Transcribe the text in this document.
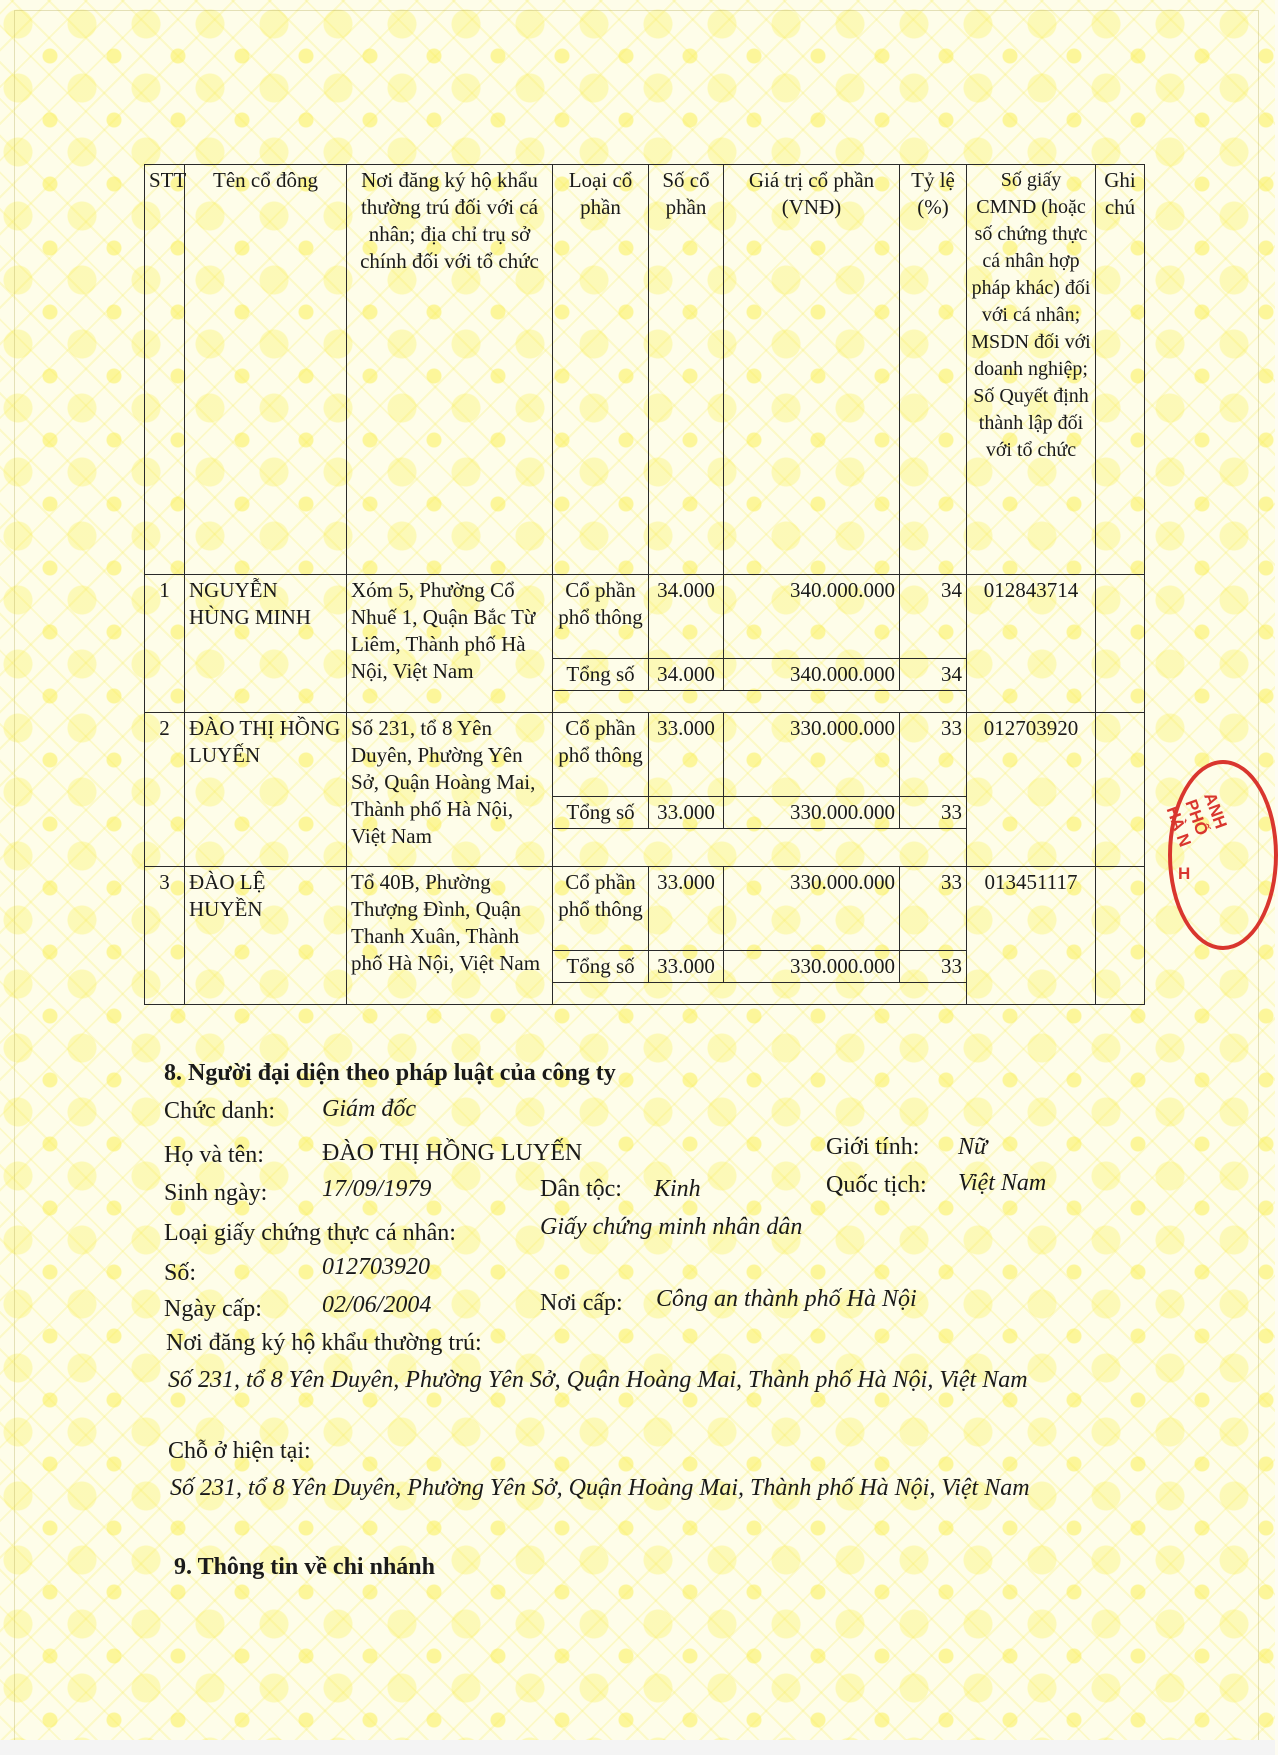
STT	Tên cổ đông	Nơi đăng ký hộ khẩu thường trú đối với cá nhân; địa chỉ trụ sở chính đối với tổ chức	Loại cổ phần	Số cổ phần	Giá trị cổ phần (VNĐ)	Tỷ lệ (%)	Số giấy CMND (hoặc số chứng thực cá nhân hợp pháp khác) đối với cá nhân; MSDN đối với doanh nghiệp; Số Quyết định thành lập đối với tổ chức	Ghi chú
1	NGUYỄN HÙNG MINH	Xóm 5, Phường Cổ Nhuế 1, Quận Bắc Từ Liêm, Thành phố Hà Nội, Việt Nam	Cổ phần phổ thông	34.000	340.000.000	34	012843714	
			Tổng số	34.000	340.000.000	34		

2	ĐÀO THỊ HỒNG LUYẾN	Số 231, tổ 8 Yên Duyên, Phường Yên Sở, Quận Hoàng Mai, Thành phố Hà Nội, Việt Nam	Cổ phần phổ thông	33.000	330.000.000	33	012703920	
			Tổng số	33.000	330.000.000	33		

3	ĐÀO LỆ HUYỀN	Tổ 40B, Phường Thượng Đình, Quận Thanh Xuân, Thành phố Hà Nội, Việt Nam	Cổ phần phổ thông	33.000	330.000.000	33	013451117	
			Tổng số	33.000	330.000.000	33		

8. Người đại diện theo pháp luật của công ty
Chức danh: Giám đốc
Họ và tên: ĐÀO THỊ HỒNG LUYẾN	Giới tính: Nữ
Sinh ngày: 17/09/1979	Dân tộc: Kinh	Quốc tịch: Việt Nam
Loại giấy chứng thực cá nhân:	Giấy chứng minh nhân dân
Số:	012703920
Ngày cấp:	02/06/2004	Nơi cấp: Công an thành phố Hà Nội
Nơi đăng ký hộ khẩu thường trú:
Số 231, tổ 8 Yên Duyên, Phường Yên Sở, Quận Hoàng Mai, Thành phố Hà Nội, Việt Nam
Chỗ ở hiện tại:
Số 231, tổ 8 Yên Duyên, Phường Yên Sở, Quận Hoàng Mai, Thành phố Hà Nội, Việt Nam
9. Thông tin về chi nhánh
ANH PHỐ HÀ N
H
